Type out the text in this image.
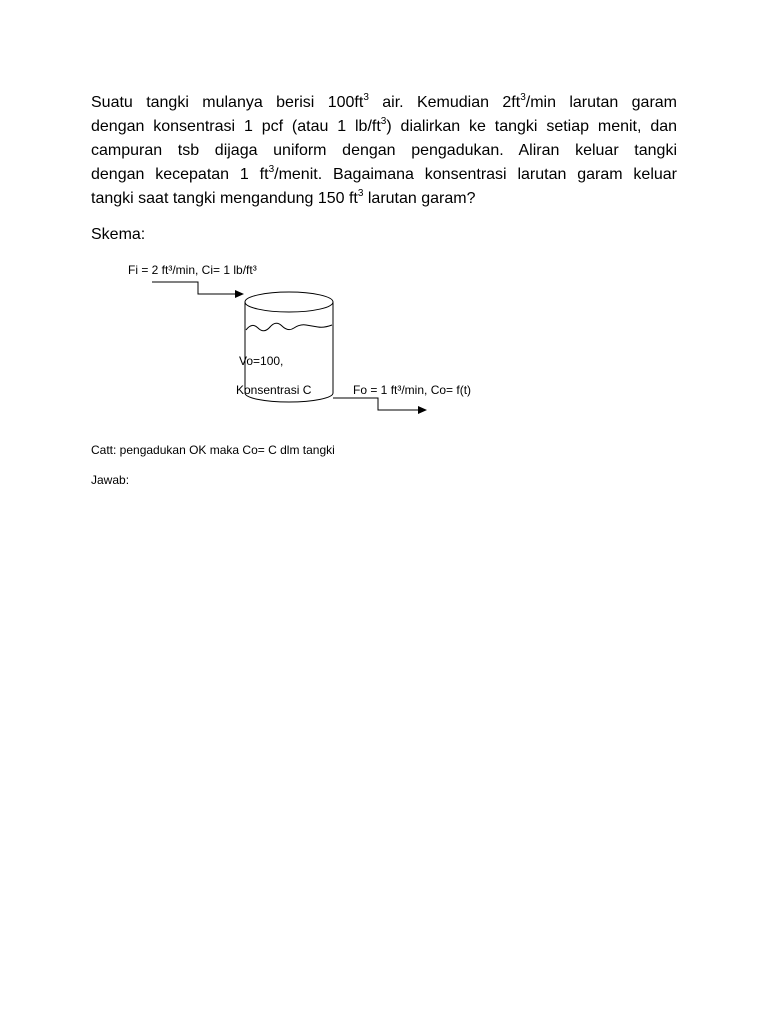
Suatu tangki mulanya berisi $100ft^3$ air. Kemudian $2ft^3/\min$ larutan garam
dengan konsentrasi 1 pcf (atau 1 $lb/ft^3$) dialirkan ke tangki setiap menit, dan
campuran tsb dijaga uniform dengan pengadukan. Aliran keluar tangki
dengan kecepatan 1 $ft^3$/menit. Bagaimana konsentrasi larutan garam keluar
tangki saat tangki mengandung 150 $ft^3$ larutan garam?

Skema:

Fi = 2 ft³/min, Ci= 1 lb/ft³
Vo=100,
Konsentrasi C	Fo = 1 ft³/min, Co= f(t)
Catt: pengadukan OK maka Co= C dlm tangki
Jawab:
